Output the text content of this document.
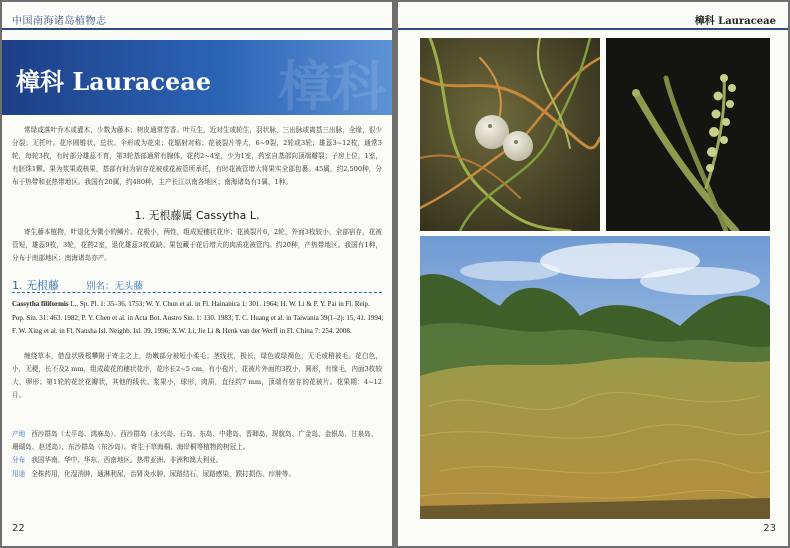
中国南海诸岛植物志
樟科
樟科 Lauraceae
常绿或落叶乔木或灌木，少数为藤本；树皮通常芳香。叶互生，近对生或轮生，羽状脉，三出脉或离基三出脉，全缘，很少分裂；无托叶。花序圆锥状、总状、伞形或为花束；花辐射对称；花被裂片等大，6~9裂，2轮或3轮；雄蕊3~12枚，通常3轮，每轮3枚，有时部分雄蕊不育，第3轮基部通常有腺体，花药2~4室，少为1室，药室自基部向顶端瓣裂；子房上位，1室，有胚珠1颗。果为浆果或核果，基部有时为宿存花被或花被管所承托，有时花被管增大将果实全部包裹。45属，约2,500种，分布于热带和亚热带地区。我国有20属，约480种，主产长江以南各地区；南海诸岛有1属，1种。
1. 无根藤属 Cassytha L.
寄生藤本植物，叶退化为微小的鳞片。花极小，两性，组成短穗状花序；花被裂片6，2轮，外面3枚较小，全部宿存，花被管短，雄蕊9枚，3轮，花药2室，退化雄蕊3枚或缺。果包藏于花后增大的肉质花被管内。约20种，产热带地区。我国有1种，分布于南部地区；南海诸岛亦产。
1. 无根藤	别名：无头藤
Cassytha filiformis L., Sp. Pl. 1: 35–36. 1753; W. Y. Chun et al. in Fl. Hainanica 1: 301. 1964; H. W. Li & P. Y. Pai in Fl. Reip. Pop. Sin. 31: 463. 1982; P. Y. Chen et al. in Acta Bot. Austro Sin. 1: 130. 1983; T. C. Huang et al. in Taiwania 39(1–2): 15, 41. 1994; F. W. Xing et al. in Fl. Nansha Isl. Neighb. Isl. 39. 1996; X.W. Li, Jie Li & Henk van der Werff in Fl. China 7: 254. 2008.
缠绕草本，借盘状吸根攀附于寄主之上，幼嫩部分被短小柔毛；茎线状，极长，绿色或绿褐色，无毛或稍被毛。花白色，小，无梗，长不及2 mm，组成疏花的穗状花序，花序长2~5 cm，有小苞片，花被片外面的3枚小，圆形，有缘毛，内面3枚较大，卵形；第1轮的花丝花瓣状，其他的线状。浆果小，球形，肉质，直径约7 mm，顶端有宿存的花被片。花果期：4~12月。
产地 西沙群岛（太平岛、鸿庥岛）、西沙群岛（永兴岛、石岛、东岛、中建岛、晋卿岛、琛航岛、广金岛、金银岛、甘泉岛、珊瑚岛、赵述岛）、东沙群岛（东沙岛）。寄生于草海桐、海岸桐等植物的树冠上。
分布 我国华南、华中、华东、西南地区。热带亚洲、非洲和澳大利亚。
用途 全株药用，化湿消肿，通淋利尿，治肾炎水肿，尿路结石，尿路感染，跌打损伤，疖肿等。
22
樟科 Lauraceae
23
